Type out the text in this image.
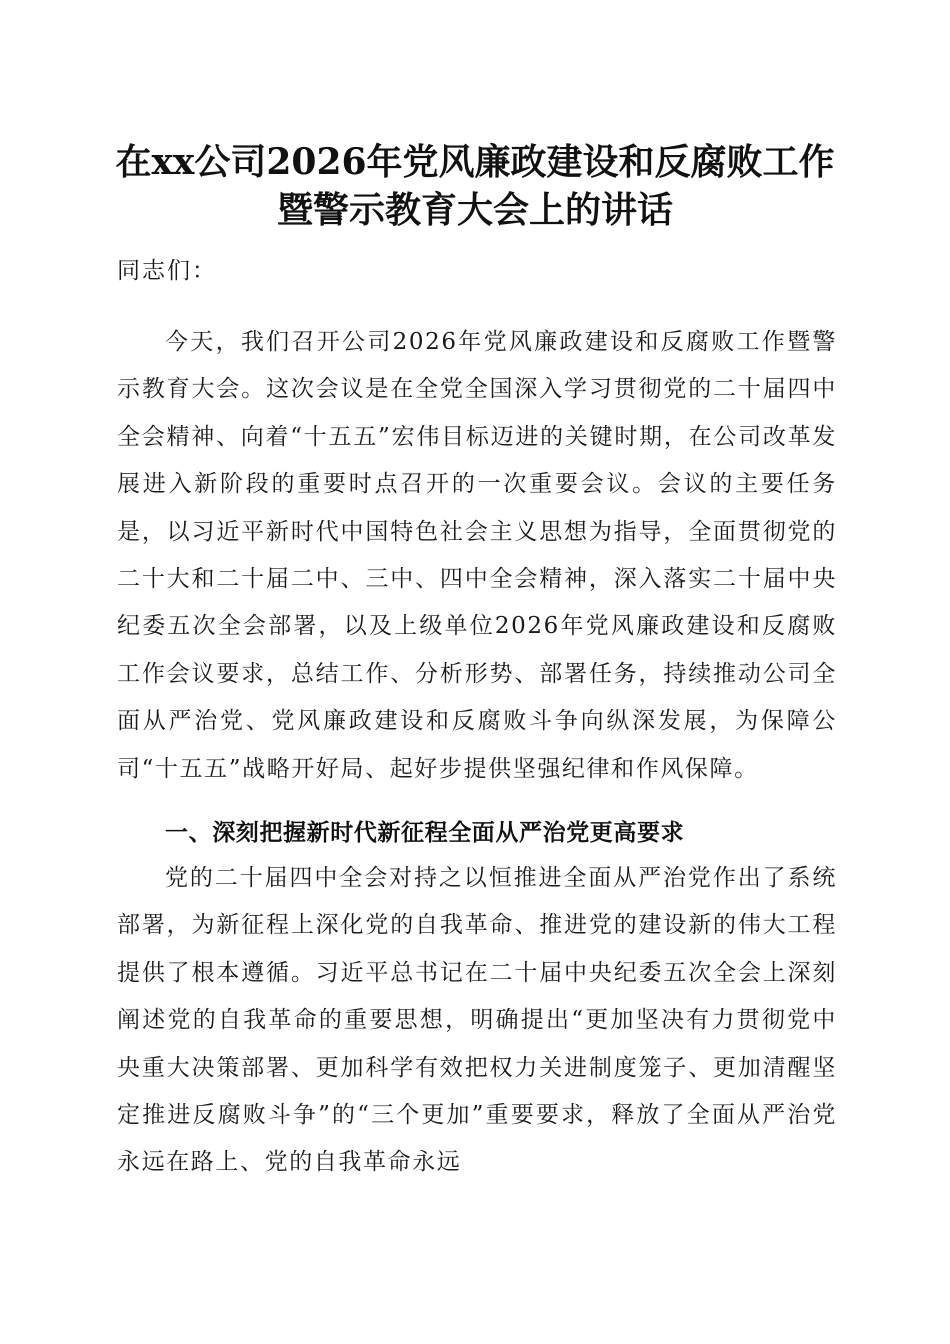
在xx公司2026年党风廉政建设和反腐败工作
暨警示教育大会上的讲话
同志们：

今天，我们召开公司2026年党风廉政建设和反腐败工作暨警示教育大会。这次会议是在全党全国深入学习贯彻党的二十届四中全会精神、向着“十五五”宏伟目标迈进的关键时期，在公司改革发展进入新阶段的重要时点召开的一次重要会议。会议的主要任务是，以习近平新时代中国特色社会主义思想为指导，全面贯彻党的二十大和二十届二中、三中、四中全会精神，深入落实二十届中央纪委五次全会部署，以及上级单位2026年党风廉政建设和反腐败工作会议要求，总结工作、分析形势、部署任务，持续推动公司全面从严治党、党风廉政建设和反腐败斗争向纵深发展，为保障公司“十五五”战略开好局、起好步提供坚强纪律和作风保障。

一、深刻把握新时代新征程全面从严治党更高要求

党的二十届四中全会对持之以恒推进全面从严治党作出了系统部署，为新征程上深化党的自我革命、推进党的建设新的伟大工程提供了根本遵循。习近平总书记在二十届中央纪委五次全会上深刻阐述党的自我革命的重要思想，明确提出“更加坚决有力贯彻党中央重大决策部署、更加科学有效把权力关进制度笼子、更加清醒坚定推进反腐败斗争”的“三个更加”重要要求，释放了全面从严治党永远在路上、党的自我革命永远
